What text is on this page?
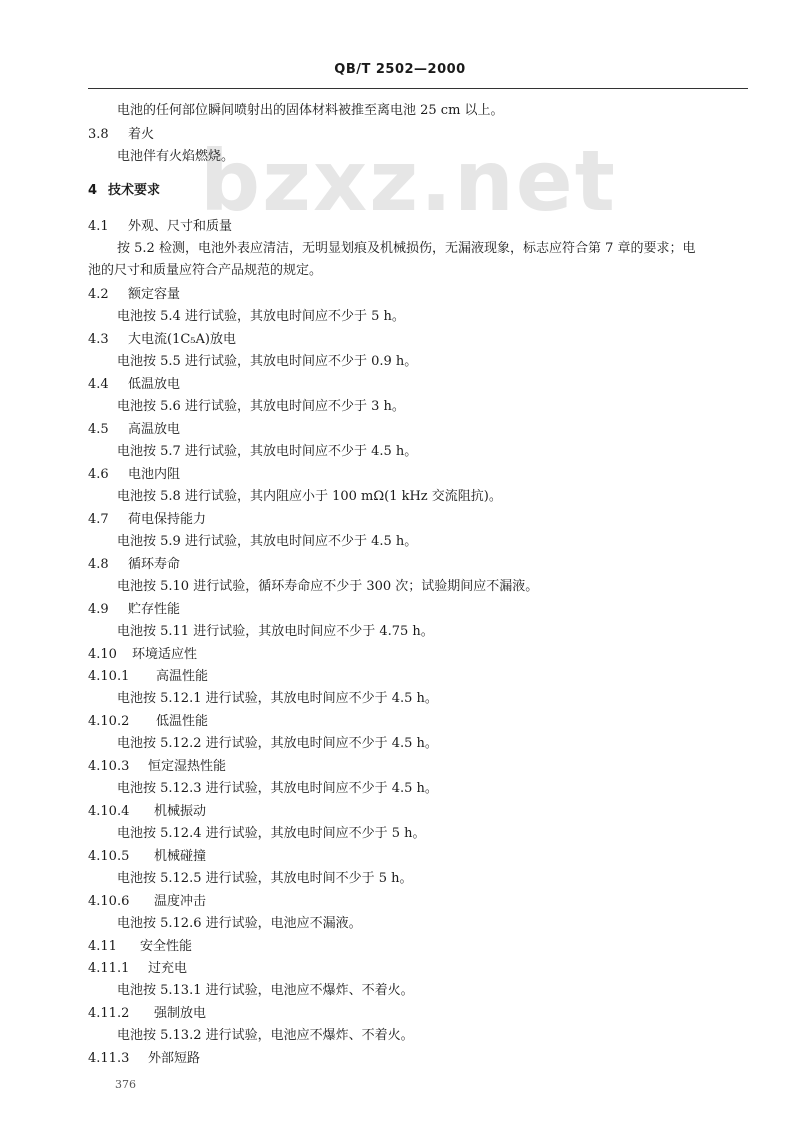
QB/T 2502—2000
bzxz.net
电池的任何部位瞬间喷射出的固体材料被推至离电池 25 cm 以上。
3.8 着火
电池伴有火焰燃烧。
4 技术要求
4.1 外观、尺寸和质量
按 5.2 检测，电池外表应清洁，无明显划痕及机械损伤，无漏液现象，标志应符合第 7 章的要求；电
池的尺寸和质量应符合产品规范的规定。
4.2 额定容量
电池按 5.4 进行试验，其放电时间应不少于 5 h。
4.3 大电流(1C₅A)放电
电池按 5.5 进行试验，其放电时间应不少于 0.9 h。
4.4 低温放电
电池按 5.6 进行试验，其放电时间应不少于 3 h。
4.5 高温放电
电池按 5.7 进行试验，其放电时间应不少于 4.5 h。
4.6 电池内阻
电池按 5.8 进行试验，其内阻应小于 100 mΩ(1 kHz 交流阻抗)。
4.7 荷电保持能力
电池按 5.9 进行试验，其放电时间应不少于 4.5 h。
4.8 循环寿命
电池按 5.10 进行试验，循环寿命应不少于 300 次；试验期间应不漏液。
4.9 贮存性能
电池按 5.11 进行试验，其放电时间应不少于 4.75 h。
4.10 环境适应性
4.10.1 高温性能
电池按 5.12.1 进行试验，其放电时间应不少于 4.5 h。
4.10.2 低温性能
电池按 5.12.2 进行试验，其放电时间应不少于 4.5 h。
4.10.3 恒定湿热性能
电池按 5.12.3 进行试验，其放电时间应不少于 4.5 h。
4.10.4 机械振动
电池按 5.12.4 进行试验，其放电时间应不少于 5 h。
4.10.5 机械碰撞
电池按 5.12.5 进行试验，其放电时间不少于 5 h。
4.10.6 温度冲击
电池按 5.12.6 进行试验，电池应不漏液。
4.11 安全性能
4.11.1 过充电
电池按 5.13.1 进行试验，电池应不爆炸、不着火。
4.11.2 强制放电
电池按 5.13.2 进行试验，电池应不爆炸、不着火。
4.11.3 外部短路
376
